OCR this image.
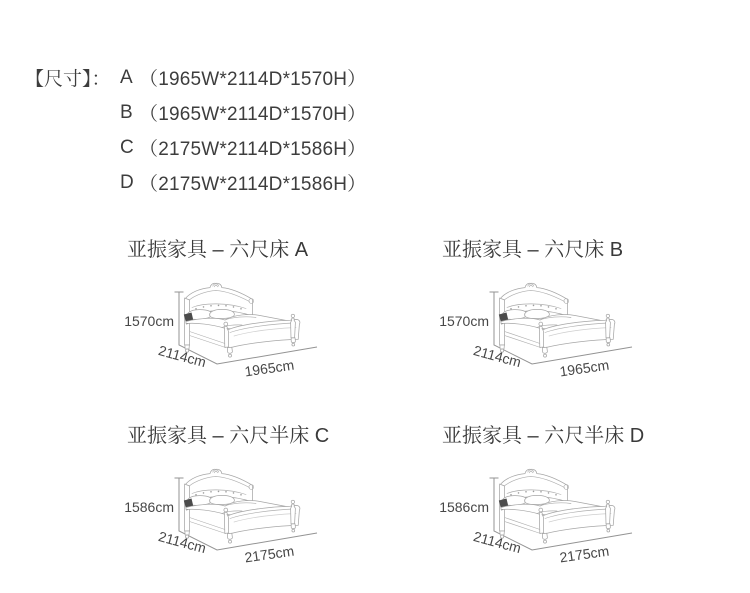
【尺寸】： A （1965W*2114D*1570H）
B （1965W*2114D*1570H）
C （2175W*2114D*1586H）
D （2175W*2114D*1586H）
亚振家具 – 六尺床 A
1570cm
2114cm	1965cm
亚振家具 – 六尺床 B
1570cm
2114cm	1965cm
亚振家具 – 六尺半床 C
1586cm
2114cm	2175cm
亚振家具 – 六尺半床 D
1586cm
2114cm	2175cm
